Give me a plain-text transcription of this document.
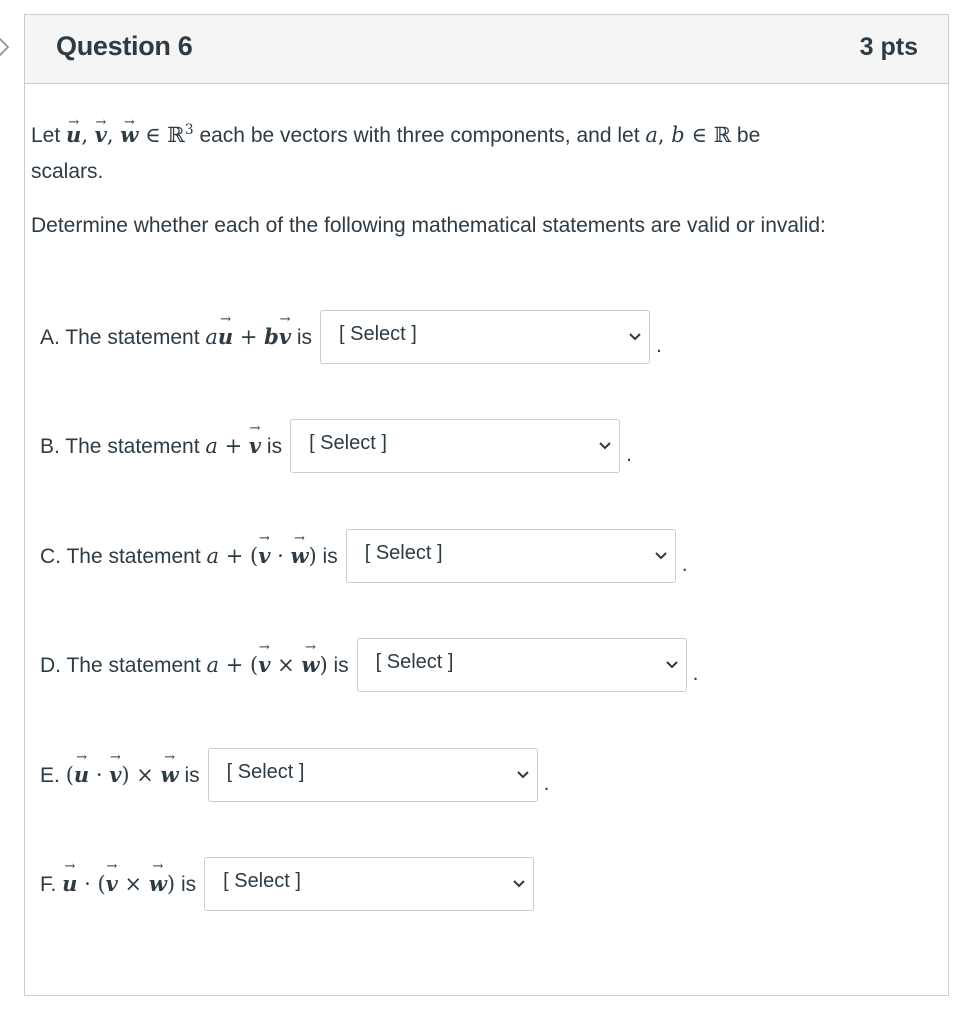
Question 6	3 pts

Let → u, → v, → w ∈ ℝ$^3$ each be vectors with three components, and let a, b ∈ ℝ be
scalars.

Determine whether each of the following mathematical statements are valid or invalid:

A. The statement a→ u + b→ v is [ Select ]	.
B. The statement a + → v is [ Select ]	.
C. The statement a + (→ v · → w) is [ Select ]	.
D. The statement a + (→ v × → w) is [ Select ]	.
E. (→ u · → v) × → w is [ Select ]	.
F. → u · (→ v × → w) is [ Select ]
